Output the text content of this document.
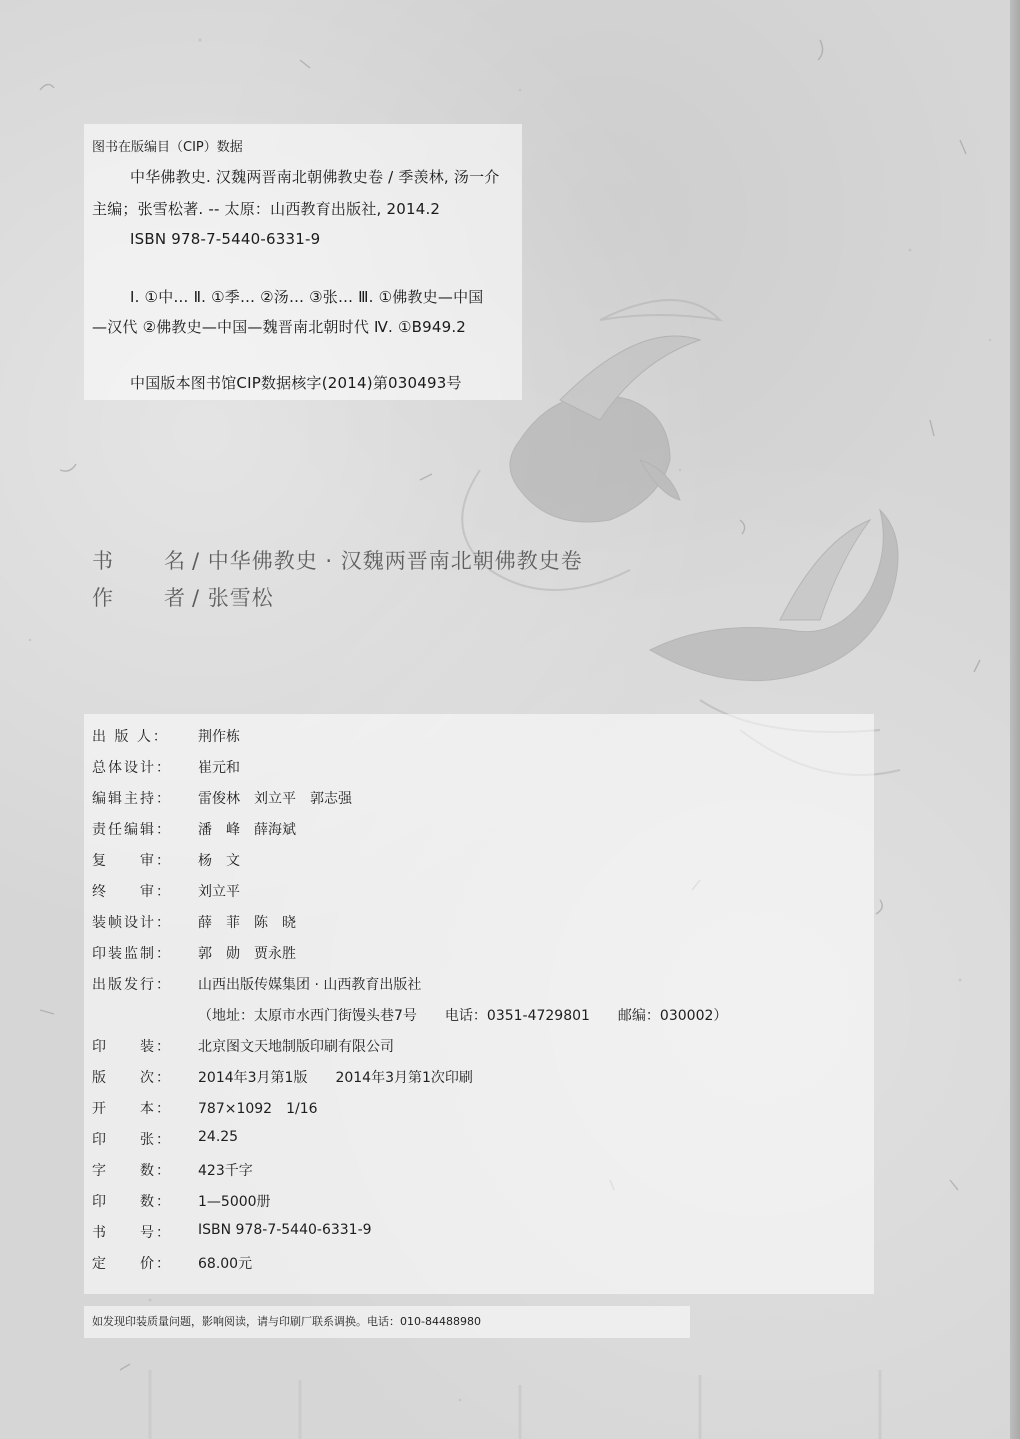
图书在版编目（CIP）数据
中华佛教史. 汉魏两晋南北朝佛教史卷 / 季羡林, 汤一介
主编；张雪松著. -- 太原：山西教育出版社, 2014.2
ISBN 978-7-5440-6331-9
Ⅰ. ①中… Ⅱ. ①季… ②汤… ③张… Ⅲ. ①佛教史—中国
—汉代 ②佛教史—中国—魏晋南北朝时代 Ⅳ. ①B949.2
中国版本图书馆CIP数据核字(2014)第030493号
书 名 / 中华佛教史 · 汉魏两晋南北朝佛教史卷
作 者 / 张雪松
出 版 人：	荆作栋
总体设计：	崔元和
编辑主持：	雷俊林　刘立平　郭志强
责任编辑：	潘　峰　薛海斌
复　　审：	杨　文
终　　审：	刘立平
装帧设计：	薛　菲　陈　晓
印装监制：	郭　勋　贾永胜
出版发行：	山西出版传媒集团 · 山西教育出版社
（地址：太原市水西门街馒头巷7号　　电话：0351-4729801　　邮编：030002）
印　　装：	北京图文天地制版印刷有限公司
版　　次：	2014年3月第1版　　2014年3月第1次印刷
开　　本：	787×1092　1/16
印　　张：	24.25
字　　数：	423千字
印　　数：	1—5000册
书　　号：	ISBN 978-7-5440-6331-9
定　　价：	68.00元
如发现印装质量问题，影响阅读，请与印刷厂联系调换。电话：010-84488980
